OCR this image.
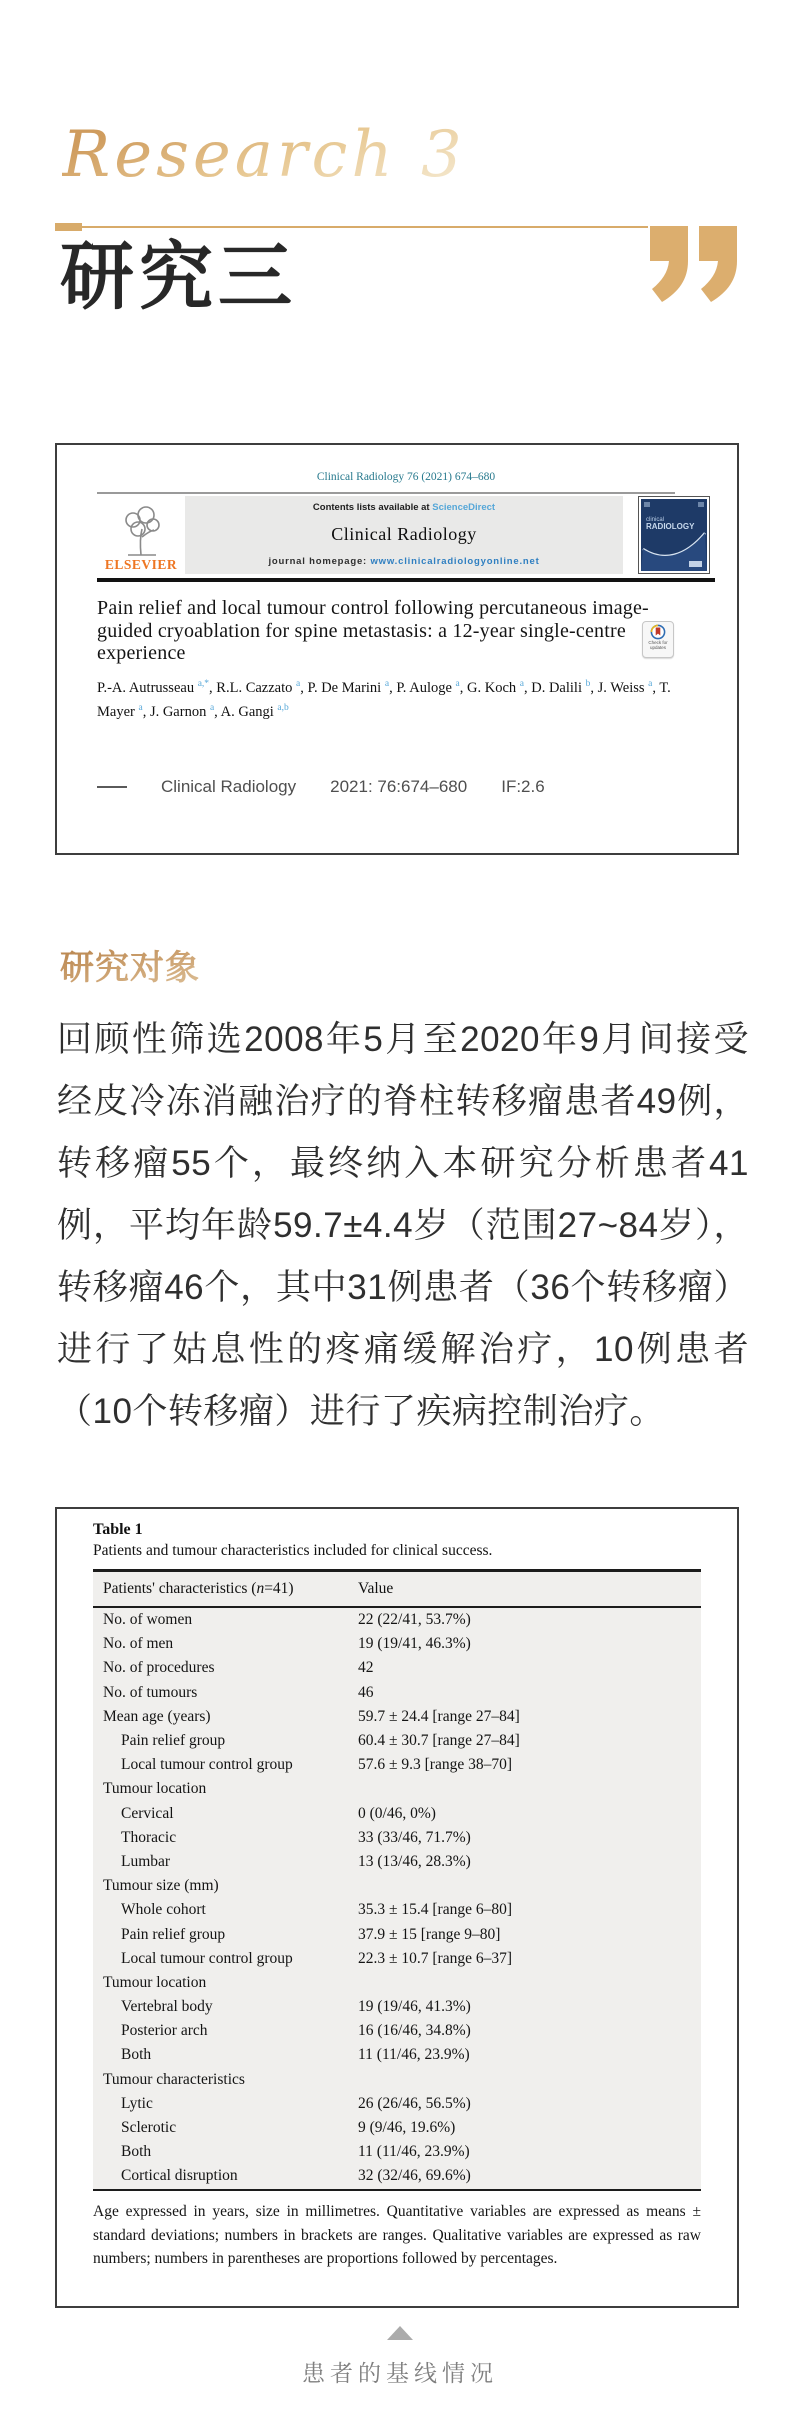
Research 3
研究三
Clinical Radiology 76 (2021) 674–680
ELSEVIER
Contents lists available at ScienceDirect
Clinical Radiology
journal homepage: www.clinicalradiologyonline.net
clinical
RADIOLOGY
Pain relief and local tumour control following percutaneous image-guided cryoablation for spine metastasis: a 12-year single-centre experience	Check for
updates
P.-A. Autrusseau $^{a,*}$, R.L. Cazzato $^a$, P. De Marini $^a$, P. Auloge $^a$, G. Koch $^a$, D. Dalili $^b$, J. Weiss $^a$, T. Mayer $^a$, J. Garnon $^a$, A. Gangi $^{a,b}$
Clinical Radiology 2021: 76:674–680 IF:2.6
研究对象
回顾性筛选2008年5月至2020年9月间接受经皮冷冻消融治疗的脊柱转移瘤患者49例，转移瘤55个，最终纳入本研究分析患者41例，平均年龄59.7±4.4岁（范围27~84岁），转移瘤46个，其中31例患者（36个转移瘤）进行了姑息性的疼痛缓解治疗，10例患者（10个转移瘤）进行了疾病控制治疗。
Table 1
Patients and tumour characteristics included for clinical success.
Patients' characteristics (n=41)	Value
No. of women	22 (22/41, 53.7%)
No. of men	19 (19/41, 46.3%)
No. of procedures	42
No. of tumours	46
Mean age (years)	59.7 ± 24.4 [range 27–84]
Pain relief group	60.4 ± 30.7 [range 27–84]
Local tumour control group	57.6 ± 9.3 [range 38–70]
Tumour location
Cervical	0 (0/46, 0%)
Thoracic	33 (33/46, 71.7%)
Lumbar	13 (13/46, 28.3%)
Tumour size (mm)
Whole cohort	35.3 ± 15.4 [range 6–80]
Pain relief group	37.9 ± 15 [range 9–80]
Local tumour control group	22.3 ± 10.7 [range 6–37]
Tumour location
Vertebral body	19 (19/46, 41.3%)
Posterior arch	16 (16/46, 34.8%)
Both	11 (11/46, 23.9%)
Tumour characteristics
Lytic	26 (26/46, 56.5%)
Sclerotic	9 (9/46, 19.6%)
Both	11 (11/46, 23.9%)
Cortical disruption	32 (32/46, 69.6%)
Age expressed in years, size in millimetres. Quantitative variables are expressed as means ± standard deviations; numbers in brackets are ranges. Qualitative variables are expressed as raw numbers; numbers in parentheses are proportions followed by percentages.
患者的基线情况
